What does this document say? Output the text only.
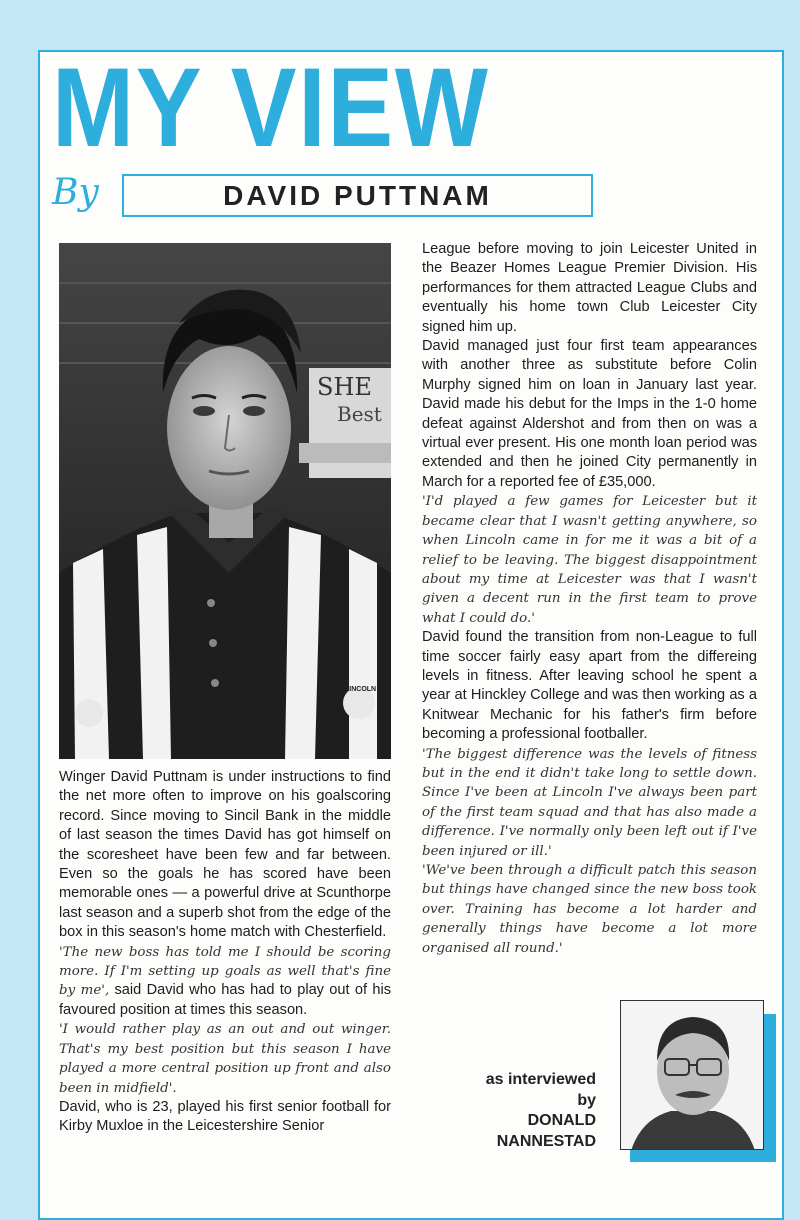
MY VIEW
By	DAVID PUTTNAM
SHE
Best
LINCOLN

Winger David Puttnam is under instructions to find the net more often to improve on his goalscoring record. Since moving to Sincil Bank in the middle of last season the times David has got himself on the scoresheet have been few and far between. Even so the goals he has scored have been memorable ones — a powerful drive at Scunthorpe last season and a superb shot from the edge of the box in this season's home match with Chesterfield.

'The new boss has told me I should be scoring more. If I'm setting up goals as well that's fine by me', said David who has had to play out of his favoured position at times this season.

'I would rather play as an out and out winger. That's my best position but this season I have played a more central position up front and also been in midfield'.

David, who is 23, played his first senior football for Kirby Muxloe in the Leicestershire Senior

League before moving to join Leicester United in the Beazer Homes League Premier Division. His performances for them attracted League Clubs and eventually his home town Club Leicester City signed him up.

David managed just four first team appearances with another three as substitute before Colin Murphy signed him on loan in January last year. David made his debut for the Imps in the 1-0 home defeat against Aldershot and from then on was a virtual ever present. His one month loan period was extended and then he joined City permanently in March for a reported fee of £35,000.

'I'd played a few games for Leicester but it became clear that I wasn't getting anywhere, so when Lincoln came in for me it was a bit of a relief to be leaving. The biggest disappointment about my time at Leicester was that I wasn't given a decent run in the first team to prove what I could do.'

David found the transition from non-League to full time soccer fairly easy apart from the differeing levels in fitness. After leaving school he spent a year at Hinckley College and was then working as a Knitwear Mechanic for his father's firm before becoming a professional footballer.

'The biggest difference was the levels of fitness but in the end it didn't take long to settle down. Since I've been at Lincoln I've always been part of the first team squad and that has also made a difference. I've normally only been left out if I've been injured or ill.'

'We've been through a difficult patch this season but things have changed since the new boss took over. Training has become a lot harder and generally things have become a lot more organised all round.'

as interviewed
by
DONALD
NANNESTAD
